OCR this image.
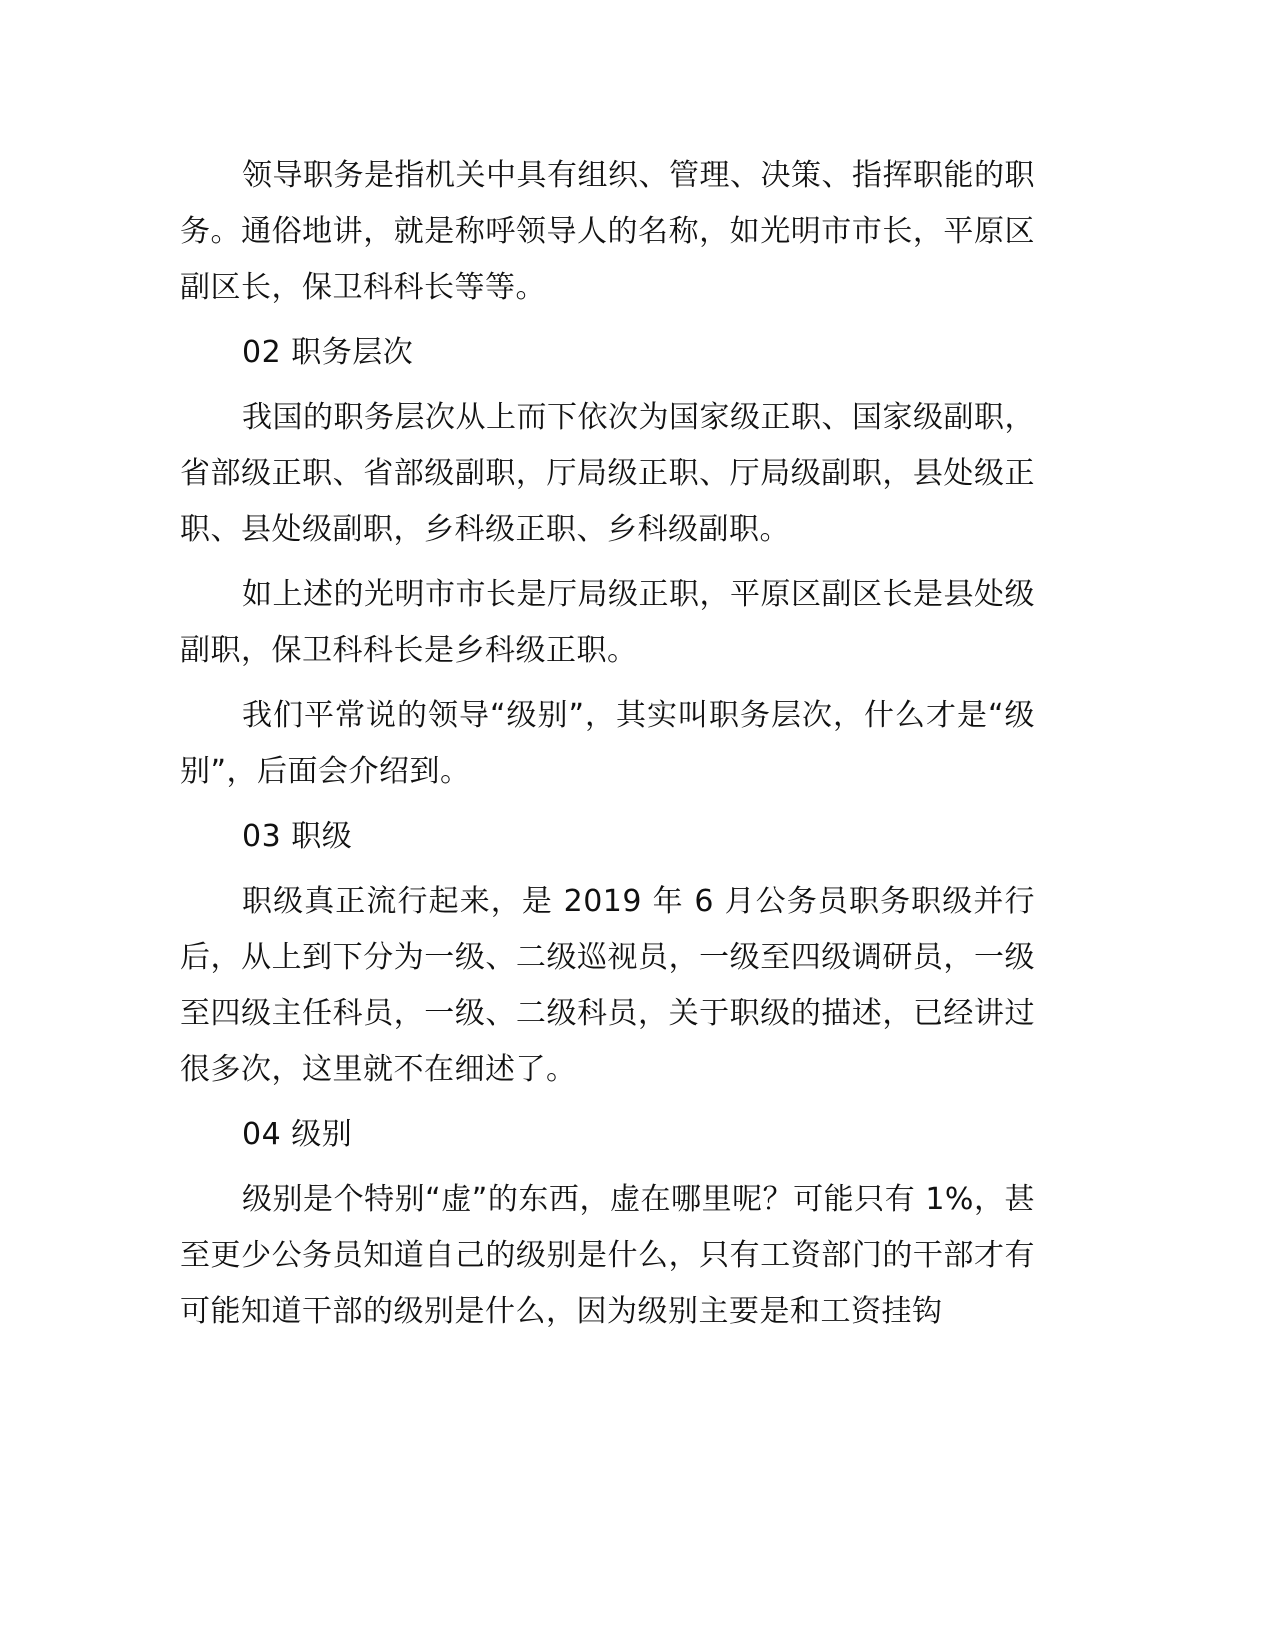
领导职务是指机关中具有组织、管理、决策、指挥职能的职务。通俗地讲，就是称呼领导人的名称，如光明市市长，平原区副区长，保卫科科长等等。

02 职务层次

我国的职务层次从上而下依次为国家级正职、国家级副职，省部级正职、省部级副职，厅局级正职、厅局级副职，县处级正职、县处级副职，乡科级正职、乡科级副职。

如上述的光明市市长是厅局级正职，平原区副区长是县处级副职，保卫科科长是乡科级正职。

我们平常说的领导“级别”，其实叫职务层次，什么才是“级别”，后面会介绍到。

03 职级

职级真正流行起来，是 2019 年 6 月公务员职务职级并行后，从上到下分为一级、二级巡视员，一级至四级调研员，一级至四级主任科员，一级、二级科员，关于职级的描述，已经讲过很多次，这里就不在细述了。

04 级别

级别是个特别“虚”的东西，虚在哪里呢？可能只有 1%，甚至更少公务员知道自己的级别是什么，只有工资部门的干部才有可能知道干部的级别是什么，因为级别主要是和工资挂钩
